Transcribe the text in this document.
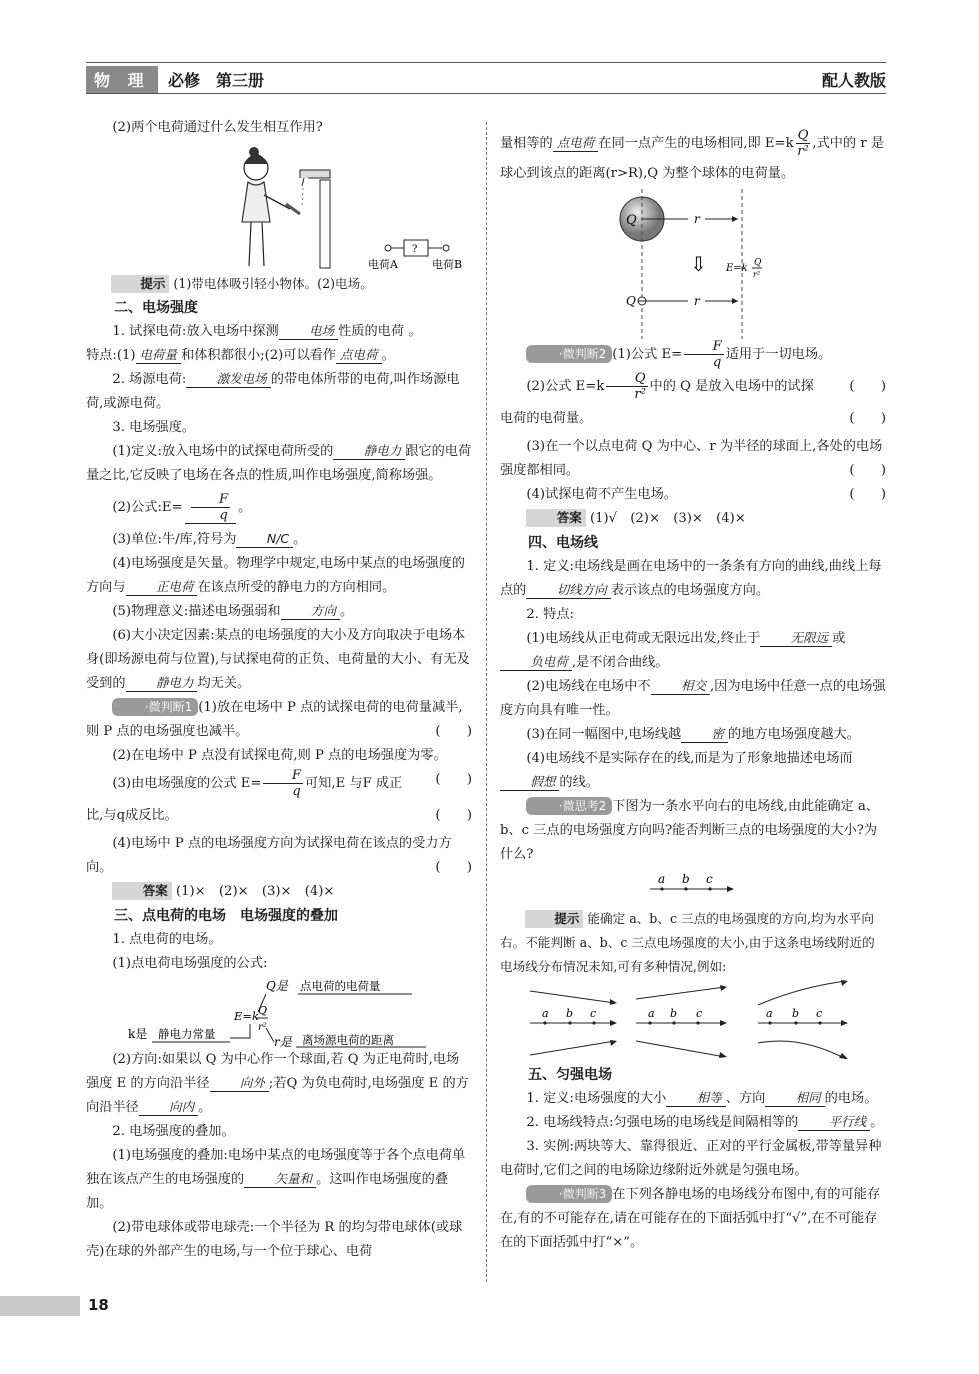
物 理	必修　第三册	配人教版

(2)两个电荷通过什么发生相互作用?

?
电荷A	电荷B

提示 (1)带电体吸引轻小物体。(2)电场。

二、电场强度

1. 试探电荷:放入电场中探测 电场 性质的电荷 。

特点:(1) 电荷量 和体积都很小;(2)可以看作 点电荷 。

2. 场源电荷: 激发电场 的带电体所带的电荷,叫作场源电荷,或源电荷。

3. 电场强度。

(1)定义:放入电场中的试探电荷所受的 静电力 跟它的电荷量之比,它反映了电场在各点的性质,叫作电场强度,简称场强。

(2)公式:E= $\frac{F}{q}$ 。

(3)单位:牛/库,符号为 N/C 。

(4)电场强度是矢量。物理学中规定,电场中某点的电场强度的方向与 正电荷 在该点所受的静电力的方向相同。

(5)物理意义:描述电场强弱和 方向 。

(6)大小决定因素:某点的电场强度的大小及方向取决于电场本身(即场源电荷与位置),与试探电荷的正负、电荷量的大小、有无及受到的 静电力 均无关。

·微判断1 (1)放在电场中 P 点的试探电荷的电荷量减半,则 P 点的电场强度也减半。	(　　)

(2)在电场中 P 点没有试探电荷,则 P 点的电场强度为零。
(　　)

(3)由电场强度的公式 $E= \frac{F}{q}$ 可知,E 与F 成正比,与q成反比。	(　　)

(4)电场中 P 点的电场强度方向为试探电荷在该点的受力方向。	(　　)

答案 (1)×　(2)×　(3)×　(4)×

三、点电荷的电场　电场强度的叠加

1. 点电荷的电场。

(1)点电荷电场强度的公式:

Q是 点电荷的电荷量
E=k Q
r²
k是 静电力常量
r是 离场源电荷的距离

(2)方向:如果以 Q 为中心作一个球面,若 Q 为正电荷时,电场强度 E 的方向沿半径 向外 ;若Q 为负电荷时,电场强度 E 的方向沿半径 向内 。

2. 电场强度的叠加。

(1)电场强度的叠加:电场中某点的电场强度等于各个点电荷单独在该点产生的电场强度的 矢量和 。这叫作电场强度的叠加。

(2)带电球体或带电球壳:一个半径为 R 的均匀带电球体(或球壳)在球的外部产生的电场,与一个位于球心、电荷

量相等的 点电荷 在同一点产生的电场相同,即 $E=k \frac{Q}{\text{r²}}$ ,式中的 r 是球心到该点的距离(r>R),Q 为整个球体的电荷量。

Q	r
⇩ E=k Q
r²
Q	r

·微判断2 (1)公式 $E= \frac{F}{q}$ 适用于一切电场。
(　　)

(2)公式 $E=k \frac{Q}{\text{r²}}$ 中的 Q 是放入电场中的试探电荷的电荷量。	(　　)

(3)在一个以点电荷 Q 为中心、r 为半径的球面上,各处的电场强度都相同。	(　　)

(4)试探电荷不产生电场。	(　　)

答案 (1)√　(2)×　(3)×　(4)×

四、电场线

1. 定义:电场线是画在电场中的一条条有方向的曲线,曲线上每点的 切线方向 表示该点的电场强度方向。

2. 特点:

(1)电场线从正电荷或无限远出发,终止于 无限远 或负电荷 ,是不闭合曲线。

(2)电场线在电场中不 相交 ,因为电场中任意一点的电场强度方向具有唯一性。

(3)在同一幅图中,电场线越 密 的地方电场强度越大。

(4)电场线不是实际存在的线,而是为了形象地描述电场而假想 的线。

·微思考2 下图为一条水平向右的电场线,由此能确定 a、b、c 三点的电场强度方向吗?能否判断三点的电场强度的大小?为什么?

a b c

提示 能确定 a、b、c 三点的电场强度的方向,均为水平向右。不能判断 a、b、c 三点电场强度的大小,由于这条电场线附近的电场线分布情况未知,可有多种情况,例如:

a b c	a b c	a b c

五、匀强电场

1. 定义:电场强度的大小 相等 、方向 相同 的电场。

2. 电场线特点:匀强电场的电场线是间隔相等的 平行线 。

3. 实例:两块等大、靠得很近、正对的平行金属板,带等量异种电荷时,它们之间的电场除边缘附近外就是匀强电场。

·微判断3 在下列各静电场的电场线分布图中,有的可能存在,有的不可能存在,请在可能存在的下面括弧中打“√”,在不可能存在的下面括弧中打“×”。

18
